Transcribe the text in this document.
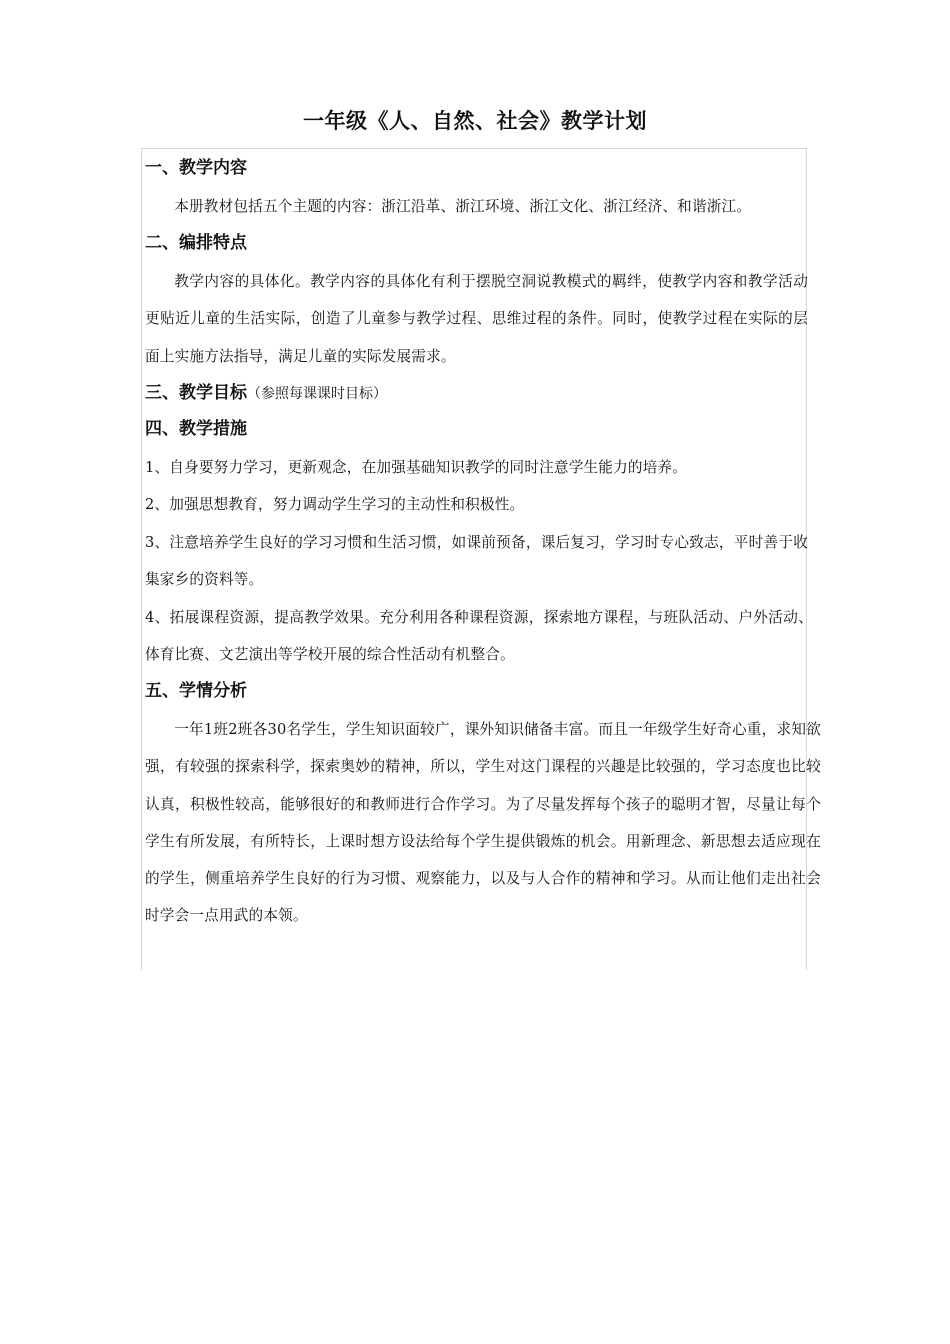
一年级《人、自然、社会》教学计划
一、教学内容

本册教材包括五个主题的内容：浙江沿革、浙江环境、浙江文化、浙江经济、和谐浙江。

二、编排特点

教学内容的具体化。教学内容的具体化有利于摆脱空洞说教模式的羁绊，使教学内容和教学活动更贴近儿童的生活实际，创造了儿童参与教学过程、思维过程的条件。同时，使教学过程在实际的层面上实施方法指导，满足儿童的实际发展需求。

三、教学目标（参照每课课时目标）
四、教学措施

1、自身要努力学习，更新观念，在加强基础知识教学的同时注意学生能力的培养。

2、加强思想教育，努力调动学生学习的主动性和积极性。

3、注意培养学生良好的学习习惯和生活习惯，如课前预备，课后复习，学习时专心致志，平时善于收集家乡的资料等。

4、拓展课程资源，提高教学效果。充分利用各种课程资源，探索地方课程，与班队活动、户外活动、体育比赛、文艺演出等学校开展的综合性活动有机整合。

五、学情分析

一年1班2班各30名学生，学生知识面较广，课外知识储备丰富。而且一年级学生好奇心重，求知欲强，有较强的探索科学，探索奥妙的精神，所以，学生对这门课程的兴趣是比较强的，学习态度也比较认真，积极性较高，能够很好的和教师进行合作学习。为了尽量发挥每个孩子的聪明才智，尽量让每个学生有所发展，有所特长，上课时想方设法给每个学生提供锻炼的机会。用新理念、新思想去适应现在的学生，侧重培养学生良好的行为习惯、观察能力，以及与人合作的精神和学习。从而让他们走出社会时学会一点用武的本领。
